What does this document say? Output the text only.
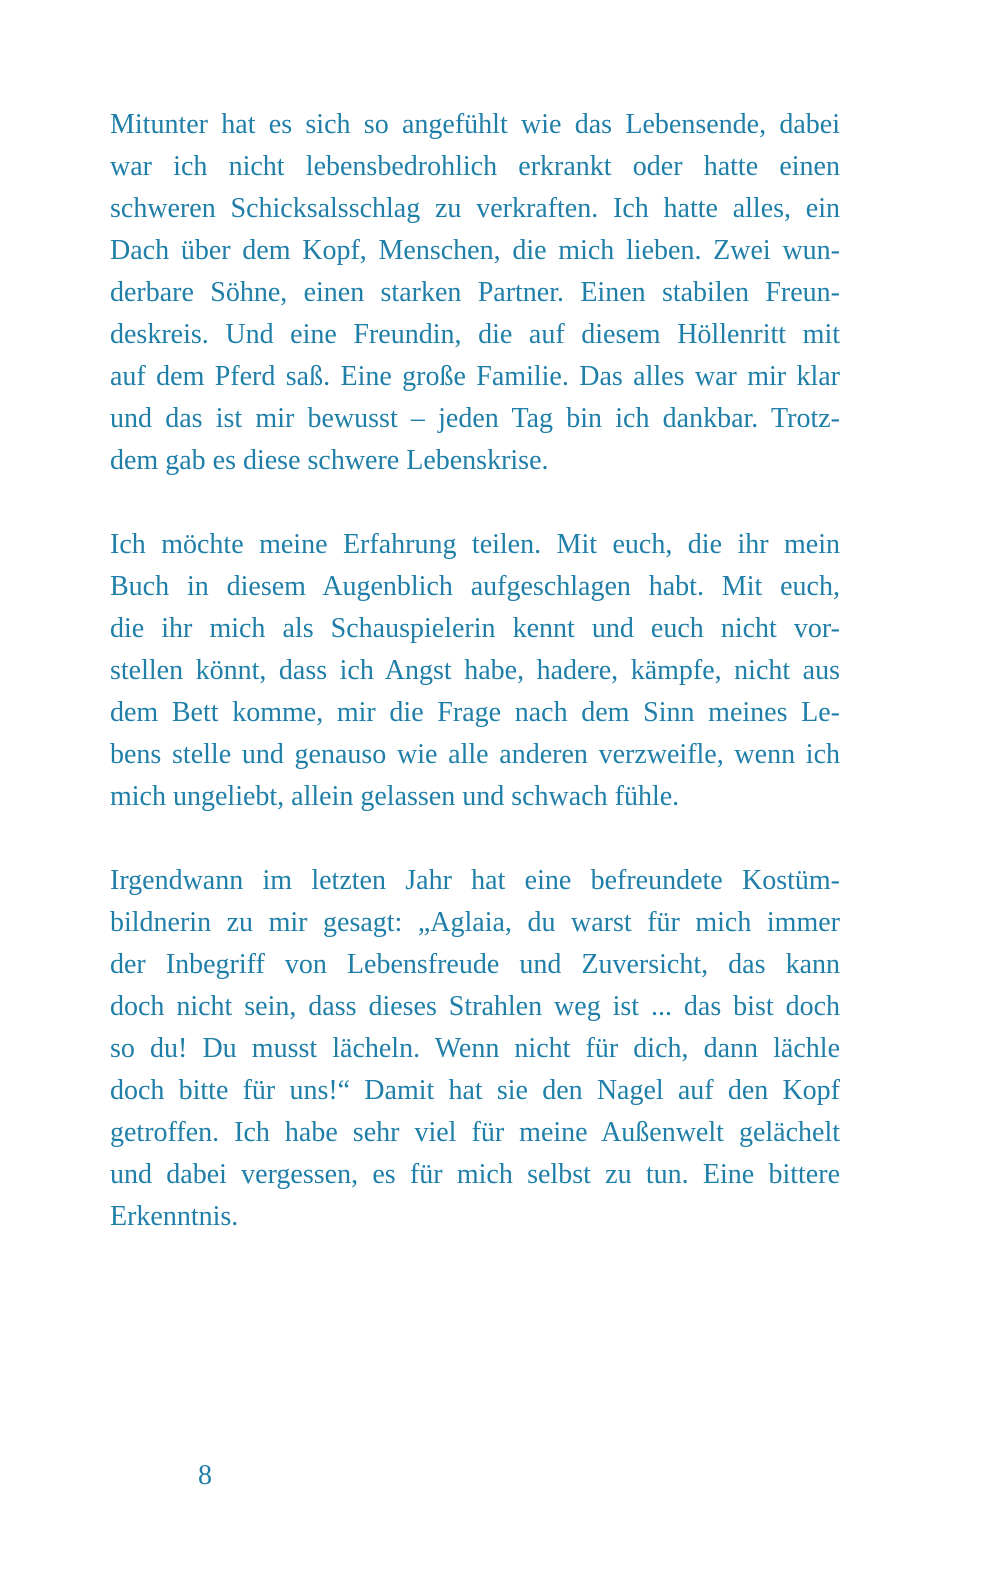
Mitunter hat es sich so angefühlt wie das Lebensende, dabei
war ich nicht lebensbedrohlich erkrankt oder hatte einen
schweren Schicksalsschlag zu verkraften. Ich hatte alles, ein
Dach über dem Kopf, Menschen, die mich lieben. Zwei wun-
derbare Söhne, einen starken Partner. Einen stabilen Freun-
deskreis. Und eine Freundin, die auf diesem Höllenritt mit
auf dem Pferd saß. Eine große Familie. Das alles war mir klar
und das ist mir bewusst – jeden Tag bin ich dankbar. Trotz-
dem gab es diese schwere Lebenskrise.

Ich möchte meine Erfahrung teilen. Mit euch, die ihr mein
Buch in diesem Augenblich aufgeschlagen habt. Mit euch,
die ihr mich als Schauspielerin kennt und euch nicht vor-
stellen könnt, dass ich Angst habe, hadere, kämpfe, nicht aus
dem Bett komme, mir die Frage nach dem Sinn meines Le-
bens stelle und genauso wie alle anderen verzweifle, wenn ich
mich ungeliebt, allein gelassen und schwach fühle.

Irgendwann im letzten Jahr hat eine befreundete Kostüm-
bildnerin zu mir gesagt: „Aglaia, du warst für mich immer
der Inbegriff von Lebensfreude und Zuversicht, das kann
doch nicht sein, dass dieses Strahlen weg ist ... das bist doch
so du! Du musst lächeln. Wenn nicht für dich, dann lächle
doch bitte für uns!“ Damit hat sie den Nagel auf den Kopf
getroffen. Ich habe sehr viel für meine Außenwelt gelächelt
und dabei vergessen, es für mich selbst zu tun. Eine bittere
Erkenntnis.

8
